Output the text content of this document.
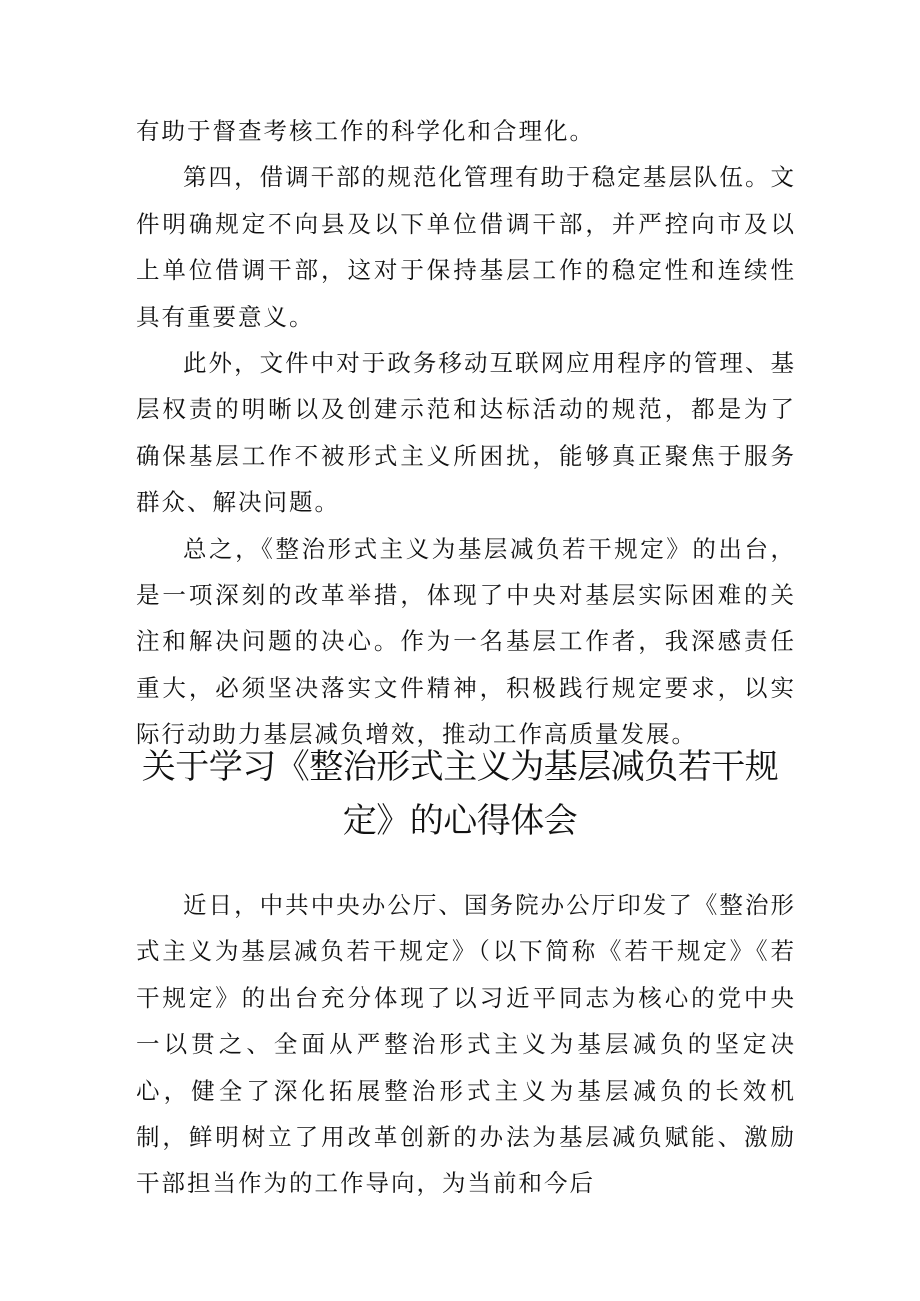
有助于督查考核工作的科学化和合理化。

第四，借调干部的规范化管理有助于稳定基层队伍。文件明确规定不向县及以下单位借调干部，并严控向市及以上单位借调干部，这对于保持基层工作的稳定性和连续性具有重要意义。

此外，文件中对于政务移动互联网应用程序的管理、基层权责的明晰以及创建示范和达标活动的规范，都是为了确保基层工作不被形式主义所困扰，能够真正聚焦于服务群众、解决问题。

总之，《整治形式主义为基层减负若干规定》的出台，是一项深刻的改革举措，体现了中央对基层实际困难的关注和解决问题的决心。作为一名基层工作者，我深感责任重大，必须坚决落实文件精神，积极践行规定要求，以实际行动助力基层减负增效，推动工作高质量发展。

关于学习《整治形式主义为基层减负若干规定》的心得体会

近日，中共中央办公厅、国务院办公厅印发了《整治形式主义为基层减负若干规定》（以下简称《若干规定》《若干规定》的出台充分体现了以习近平同志为核心的党中央一以贯之、全面从严整治形式主义为基层减负的坚定决心，健全了深化拓展整治形式主义为基层减负的长效机制，鲜明树立了用改革创新的办法为基层减负赋能、激励干部担当作为的工作导向，为当前和今后
